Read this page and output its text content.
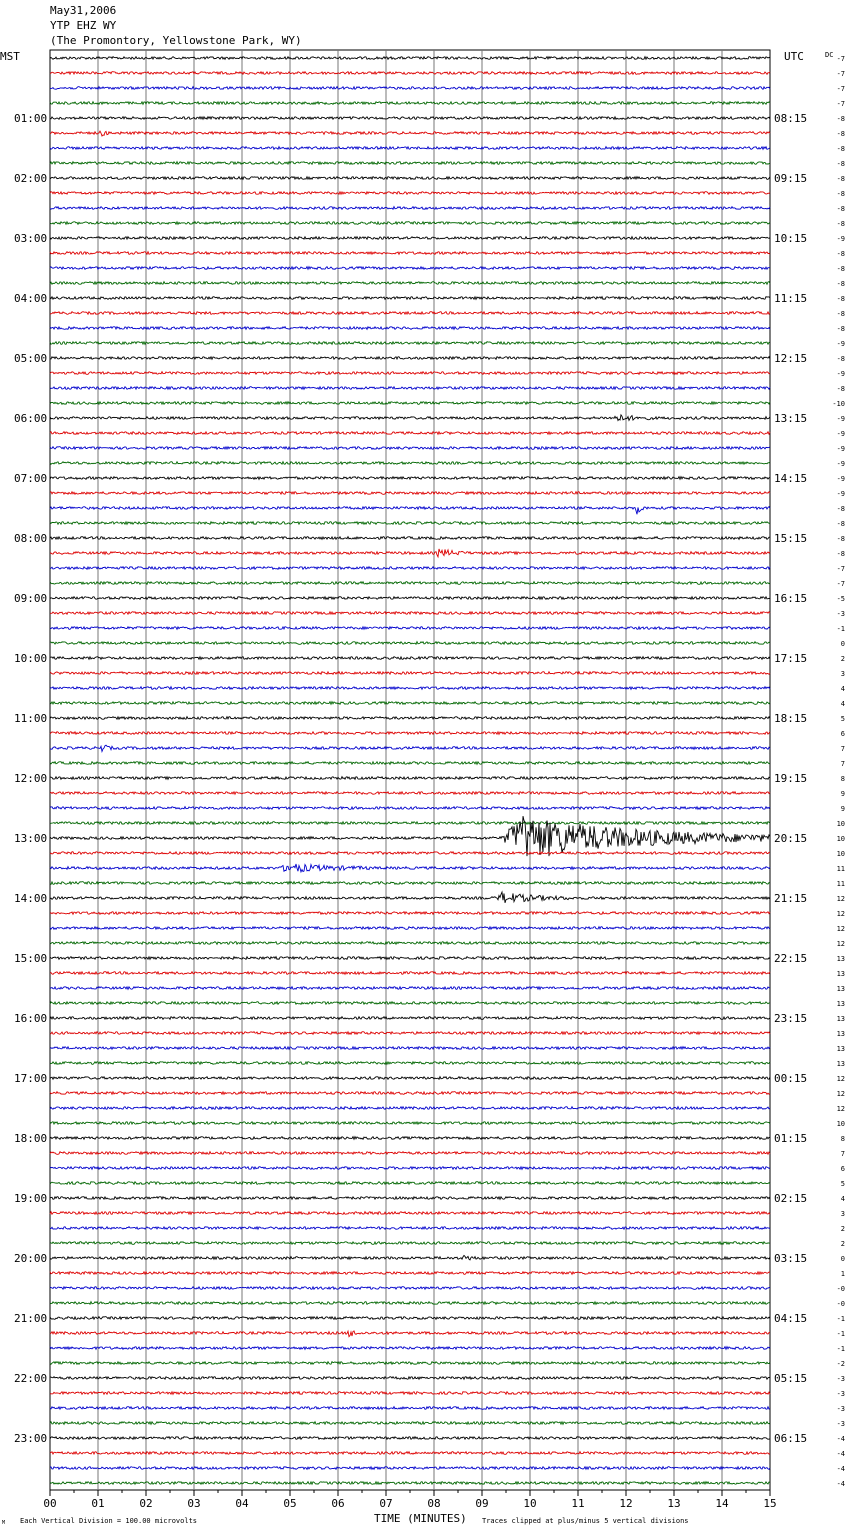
May31,2006
YTP EHZ WY
(The Promontory, Yellowstone Park, WY)
00	01	02	03	04	05	06	07	08	09	10	11	12	13	14	15
01:00
02:00
03:00
04:00
05:00
06:00
07:00
08:00
09:00
10:00
11:00
12:00
13:00
14:00
15:00
16:00
17:00
18:00
19:00
20:00
21:00
22:00
23:00
08:15
09:15
10:15
11:15
12:15
13:15
14:15
15:15
16:15
17:15
18:15
19:15
20:15
21:15
22:15
23:15
00:15
01:15
02:15
03:15
04:15
05:15
06:15
-7
-7
-7
-7
-8
-8
-8
-8
-8
-8
-8
-8
-9
-8
-8
-8
-8
-8
-8
-9
-8
-9
-8
-10
-9
-9
-9
-9
-9
-9
-8
-8
-8
-8
-7
-7
-5
-3
-1
0
2
3
4
4
5
6
7
7
8
9
9
10
10
10
11
11
12
12
12
12
13
13
13
13
13
13
13
13
12
12
12
10
8
7
6
5
4
3
2
2
0
1
-0
-0
-1
-1
-1
-2
-3
-3
-3
-3
-4
-4
-4
-4
MST	UTC	DC
TIME (MINUTES)
Each Vertical Division = 100.00 microvolts	Traces clipped at plus/minus 5 vertical divisions
M
